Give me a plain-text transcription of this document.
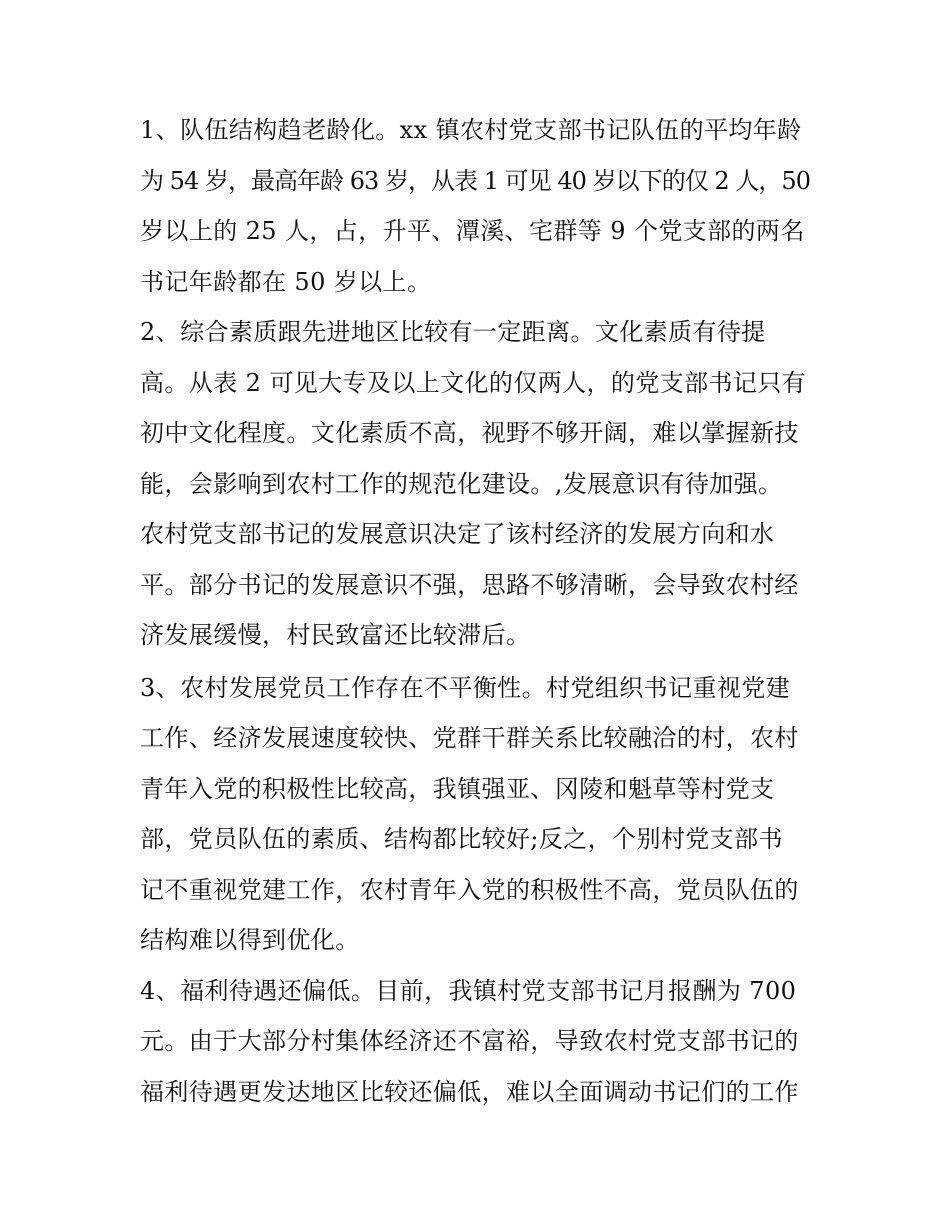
1、队伍结构趋老龄化。xx 镇农村党支部书记队伍的平均年龄

为 54 岁，最高年龄 63 岁，从表 1 可见 40 岁以下的仅 2 人，50

岁以上的 25 人，占，升平、潭溪、宅群等 9 个党支部的两名

书记年龄都在 50 岁以上。

2、综合素质跟先进地区比较有一定距离。文化素质有待提

高。从表 2 可见大专及以上文化的仅两人，的党支部书记只有

初中文化程度。文化素质不高，视野不够开阔，难以掌握新技

能，会影响到农村工作的规范化建设。,发展意识有待加强。

农村党支部书记的发展意识决定了该村经济的发展方向和水

平。部分书记的发展意识不强，思路不够清晰，会导致农村经

济发展缓慢，村民致富还比较滞后。

3、农村发展党员工作存在不平衡性。村党组织书记重视党建

工作、经济发展速度较快、党群干群关系比较融洽的村，农村

青年入党的积极性比较高，我镇强亚、冈陵和魁草等村党支

部，党员队伍的素质、结构都比较好;反之，个别村党支部书

记不重视党建工作，农村青年入党的积极性不高，党员队伍的

结构难以得到优化。

4、福利待遇还偏低。目前，我镇村党支部书记月报酬为 700

元。由于大部分村集体经济还不富裕，导致农村党支部书记的

福利待遇更发达地区比较还偏低，难以全面调动书记们的工作
